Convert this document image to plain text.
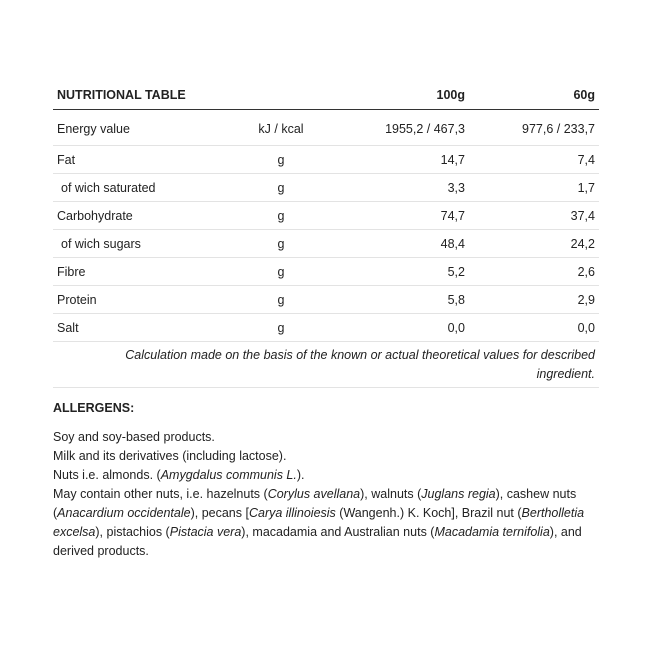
NUTRITIONAL TABLE		100g	60g
Energy value	kJ / kcal	1955,2 / 467,3	977,6 / 233,7
Fat	g	14,7	7,4
of wich saturated	g	3,3	1,7
Carbohydrate	g	74,7	37,4
of wich sugars	g	48,4	24,2
Fibre	g	5,2	2,6
Protein	g	5,8	2,9
Salt	g	0,0	0,0
Calculation made on the basis of the known or actual theoretical values for described ingredient.
ALLERGENS:

Soy and soy-based products.

Milk and its derivatives (including lactose).

Nuts i.e. almonds. (Amygdalus communis L.).

May contain other nuts, i.e. hazelnuts (Corylus avellana), walnuts (Juglans regia), cashew nuts (Anacardium occidentale), pecans [Carya illinoiesis (Wangenh.) K. Koch], Brazil nut (Bertholletia excelsa), pistachios (Pistacia vera), macadamia and Australian nuts (Macadamia ternifolia), and derived products.
